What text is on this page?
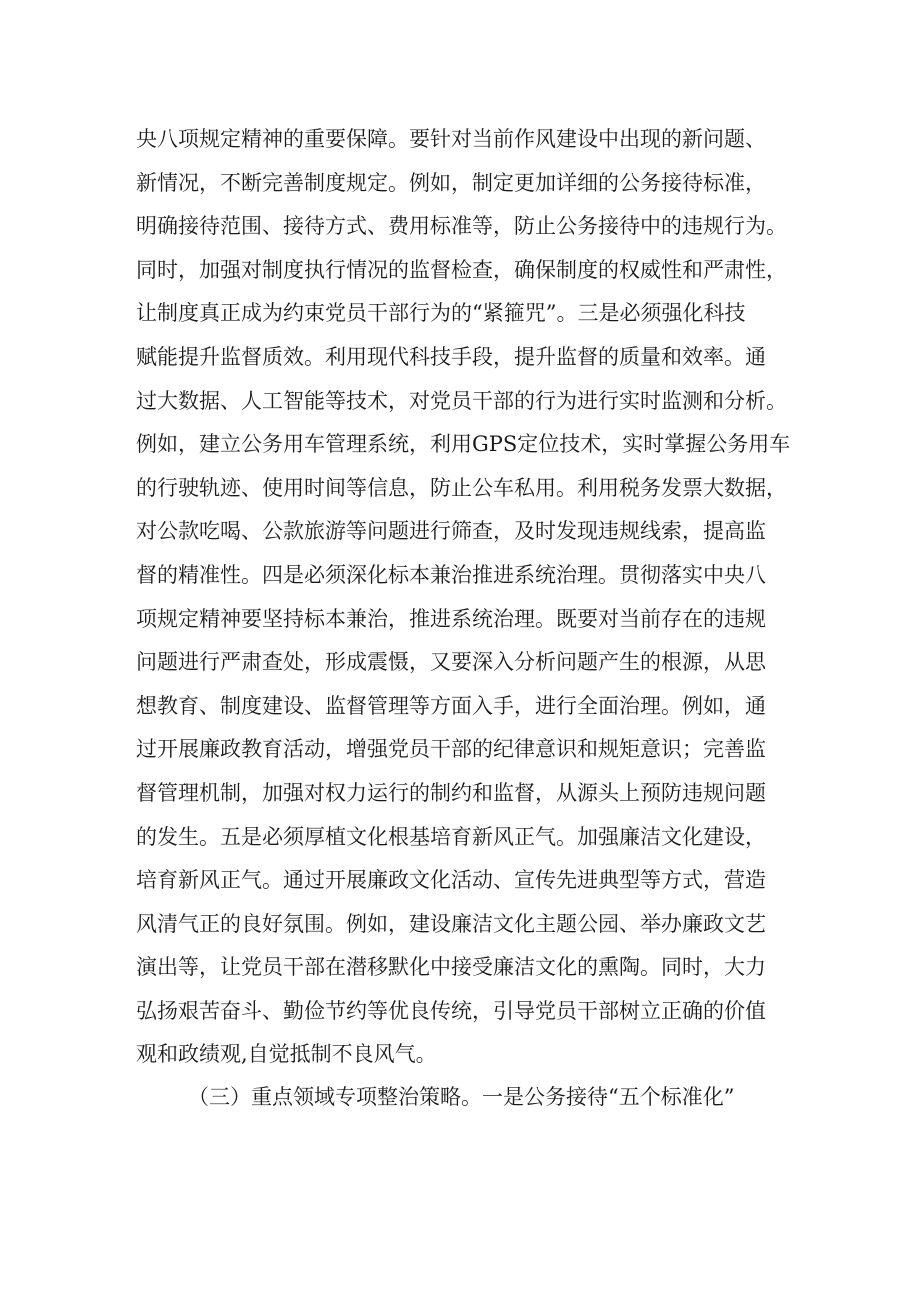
央八项规定精神的重要保障。要针对当前作风建设中出现的新问题、
新情况，不断完善制度规定。例如，制定更加详细的公务接待标准，
明确接待范围、接待方式、费用标准等，防止公务接待中的违规行为。
同时，加强对制度执行情况的监督检查，确保制度的权威性和严肃性，
让制度真正成为约束党员干部行为的“紧箍咒”。三是必须强化科技
赋能提升监督质效。利用现代科技手段，提升监督的质量和效率。通
过大数据、人工智能等技术，对党员干部的行为进行实时监测和分析。
例如，建立公务用车管理系统，利用GPS定位技术，实时掌握公务用车
的行驶轨迹、使用时间等信息，防止公车私用。利用税务发票大数据，
对公款吃喝、公款旅游等问题进行筛查，及时发现违规线索，提高监
督的精准性。四是必须深化标本兼治推进系统治理。贯彻落实中央八
项规定精神要坚持标本兼治，推进系统治理。既要对当前存在的违规
问题进行严肃查处，形成震慑，又要深入分析问题产生的根源，从思
想教育、制度建设、监督管理等方面入手，进行全面治理。例如，通
过开展廉政教育活动，增强党员干部的纪律意识和规矩意识；完善监
督管理机制，加强对权力运行的制约和监督，从源头上预防违规问题
的发生。五是必须厚植文化根基培育新风正气。加强廉洁文化建设，
培育新风正气。通过开展廉政文化活动、宣传先进典型等方式，营造
风清气正的良好氛围。例如，建设廉洁文化主题公园、举办廉政文艺
演出等，让党员干部在潜移默化中接受廉洁文化的熏陶。同时，大力
弘扬艰苦奋斗、勤俭节约等优良传统，引导党员干部树立正确的价值
观和政绩观,自觉抵制不良风气。
（三）重点领域专项整治策略。一是公务接待“五个标准化”
